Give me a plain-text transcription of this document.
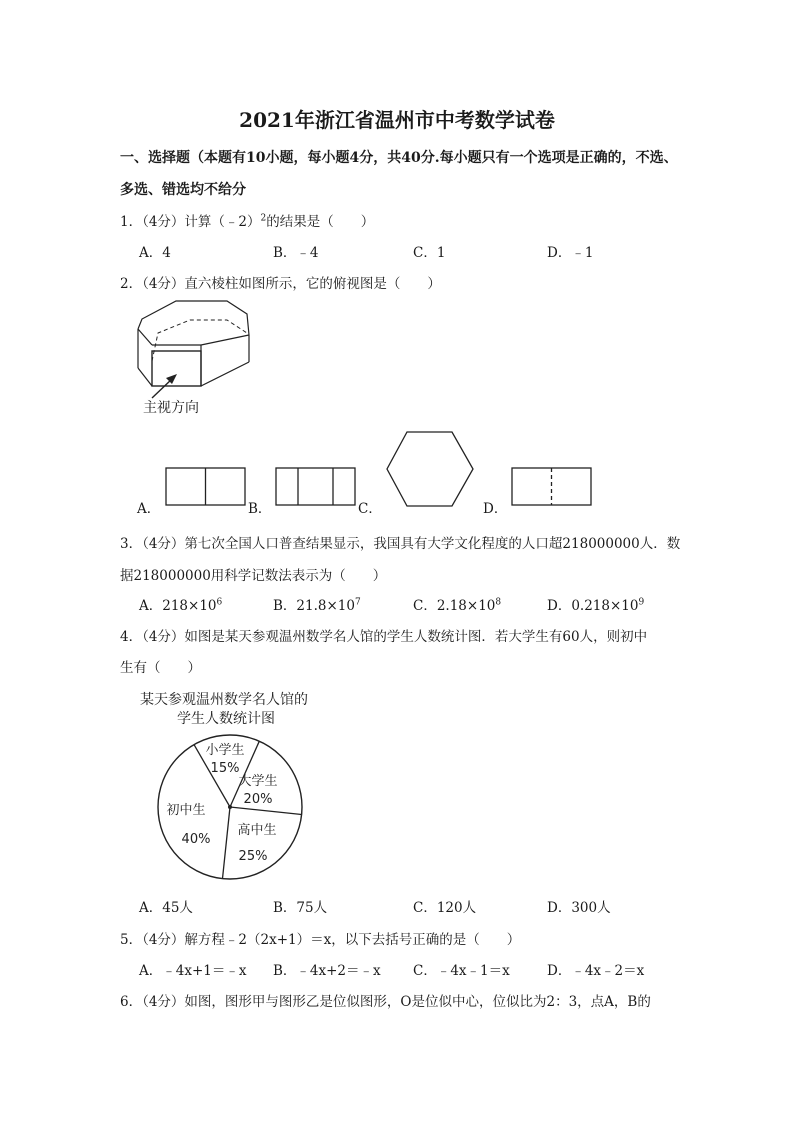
2021年浙江省温州市中考数学试卷
一、选择题（本题有10小题，每小题4分，共40分.每小题只有一个选项是正确的，不选、
多选、错选均不给分
1．（4分）计算（﹣2）$^2$的结果是（　　）
A．4	B．﹣4	C．1	D．﹣1
2．（4分）直六棱柱如图所示，它的俯视图是（　　）
主视方向
A．	B．	C．	D．
3．（4分）第七次全国人口普查结果显示，我国具有大学文化程度的人口超218000000人．数
据218000000用科学记数法表示为（　　）
A．$218\times 10^6$	B．$21.8\times 10^7$	C．$2.18\times 10^8$	D．$0.218\times 10^9$
4．（4分）如图是某天参观温州数学名人馆的学生人数统计图．若大学生有60人，则初中
生有（　　）
某天参观温州数学名人馆的
学生人数统计图
小学生
15%
大学生
20%
高中生
25%
初中生
40%
A．45人	B．75人	C．120人	D．300人
5．（4分）解方程﹣2（2x+1）＝x，以下去括号正确的是（　　）
A．﹣4x+1＝﹣x B．﹣4x+2＝﹣x C．﹣4x﹣1＝x	D．﹣4x﹣2＝x
6．（4分）如图，图形甲与图形乙是位似图形，O是位似中心，位似比为2：3，点A，B的
